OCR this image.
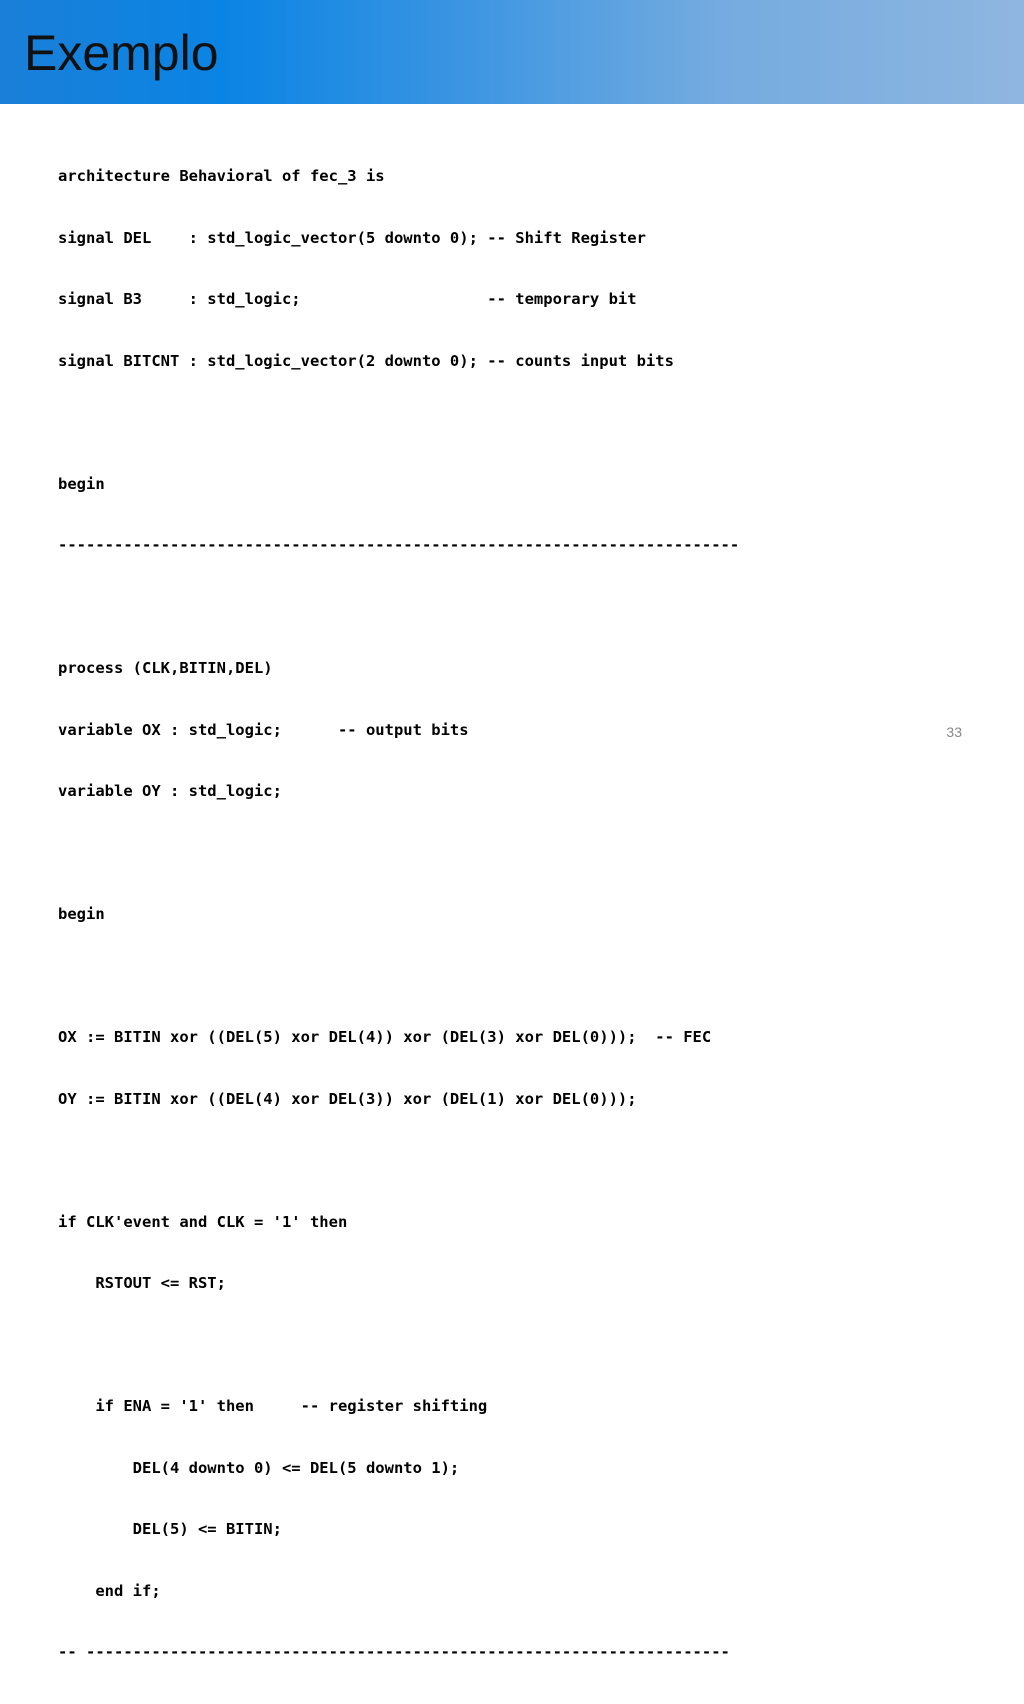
Exemplo

architecture Behavioral of fec_3 is

signal DEL    : std_logic_vector(5 downto 0); -- Shift Register

signal B3     : std_logic;                    -- temporary bit

signal BITCNT : std_logic_vector(2 downto 0); -- counts input bits

begin

-------------------------------------------------------------------------

process (CLK,BITIN,DEL)

variable OX : std_logic;      -- output bits

variable OY : std_logic;

begin

OX := BITIN xor ((DEL(5) xor DEL(4)) xor (DEL(3) xor DEL(0)));  -- FEC

OY := BITIN xor ((DEL(4) xor DEL(3)) xor (DEL(1) xor DEL(0)));

if CLK'event and CLK = '1' then

RSTOUT <= RST;

if ENA = '1' then     -- register shifting

DEL(4 downto 0) <= DEL(5 downto 1);

DEL(5) <= BITIN;

end if;

-- ---------------------------------------------------------------------

33
